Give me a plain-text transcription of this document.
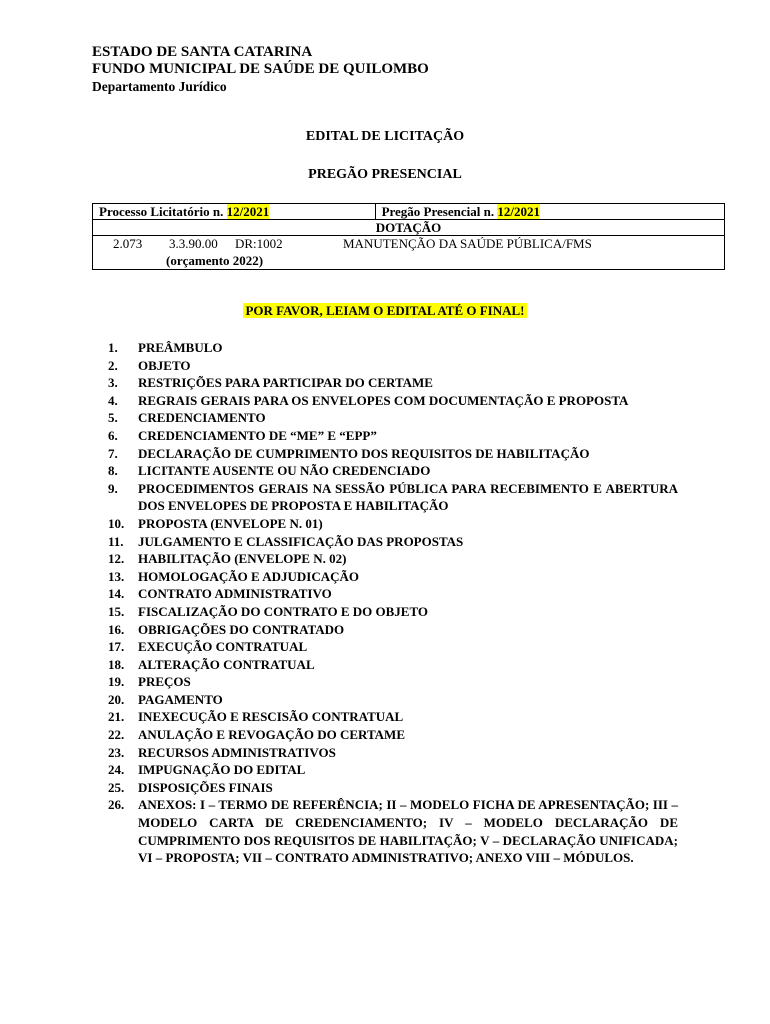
ESTADO DE SANTA CATARINA
FUNDO MUNICIPAL DE SAÚDE DE QUILOMBO
Departamento Jurídico
EDITAL DE LICITAÇÃO
PREGÃO PRESENCIAL
Processo Licitatório n. 12/2021	Pregão Presencial n. 12/2021
DOTAÇÃO

2.073 3.3.90.00 DR:1002	MANUTENÇÃO DA SAÚDE PÚBLICA/FMS
(orçamento 2022)
POR FAVOR, LEIAM O EDITAL ATÉ O FINAL!
1.	PREÂMBULO
2.	OBJETO
3.	RESTRIÇÕES PARA PARTICIPAR DO CERTAME
4.	REGRAIS GERAIS PARA OS ENVELOPES COM DOCUMENTAÇÃO E PROPOSTA
5.	CREDENCIAMENTO
6.	CREDENCIAMENTO DE “ME” E “EPP”
7.	DECLARAÇÃO DE CUMPRIMENTO DOS REQUISITOS DE HABILITAÇÃO
8.	LICITANTE AUSENTE OU NÃO CREDENCIADO
9.	PROCEDIMENTOS GERAIS NA SESSÃO PÚBLICA PARA RECEBIMENTO E ABERTURA DOS ENVELOPES DE PROPOSTA E HABILITAÇÃO
10.	PROPOSTA (ENVELOPE N. 01)
11.	JULGAMENTO E CLASSIFICAÇÃO DAS PROPOSTAS
12.	HABILITAÇÃO (ENVELOPE N. 02)
13.	HOMOLOGAÇÃO E ADJUDICAÇÃO
14.	CONTRATO ADMINISTRATIVO
15.	FISCALIZAÇÃO DO CONTRATO E DO OBJETO
16.	OBRIGAÇÕES DO CONTRATADO
17.	EXECUÇÃO CONTRATUAL
18.	ALTERAÇÃO CONTRATUAL
19.	PREÇOS
20.	PAGAMENTO
21.	INEXECUÇÃO E RESCISÃO CONTRATUAL
22.	ANULAÇÃO E REVOGAÇÃO DO CERTAME
23.	RECURSOS ADMINISTRATIVOS
24.	IMPUGNAÇÃO DO EDITAL
25.	DISPOSIÇÕES FINAIS
26.	ANEXOS: I – TERMO DE REFERÊNCIA; II – MODELO FICHA DE APRESENTAÇÃO; III – MODELO CARTA DE CREDENCIAMENTO; IV – MODELO DECLARAÇÃO DE CUMPRIMENTO DOS REQUISITOS DE HABILITAÇÃO; V – DECLARAÇÃO UNIFICADA; VI – PROPOSTA; VII – CONTRATO ADMINISTRATIVO; ANEXO VIII – MÓDULOS.
